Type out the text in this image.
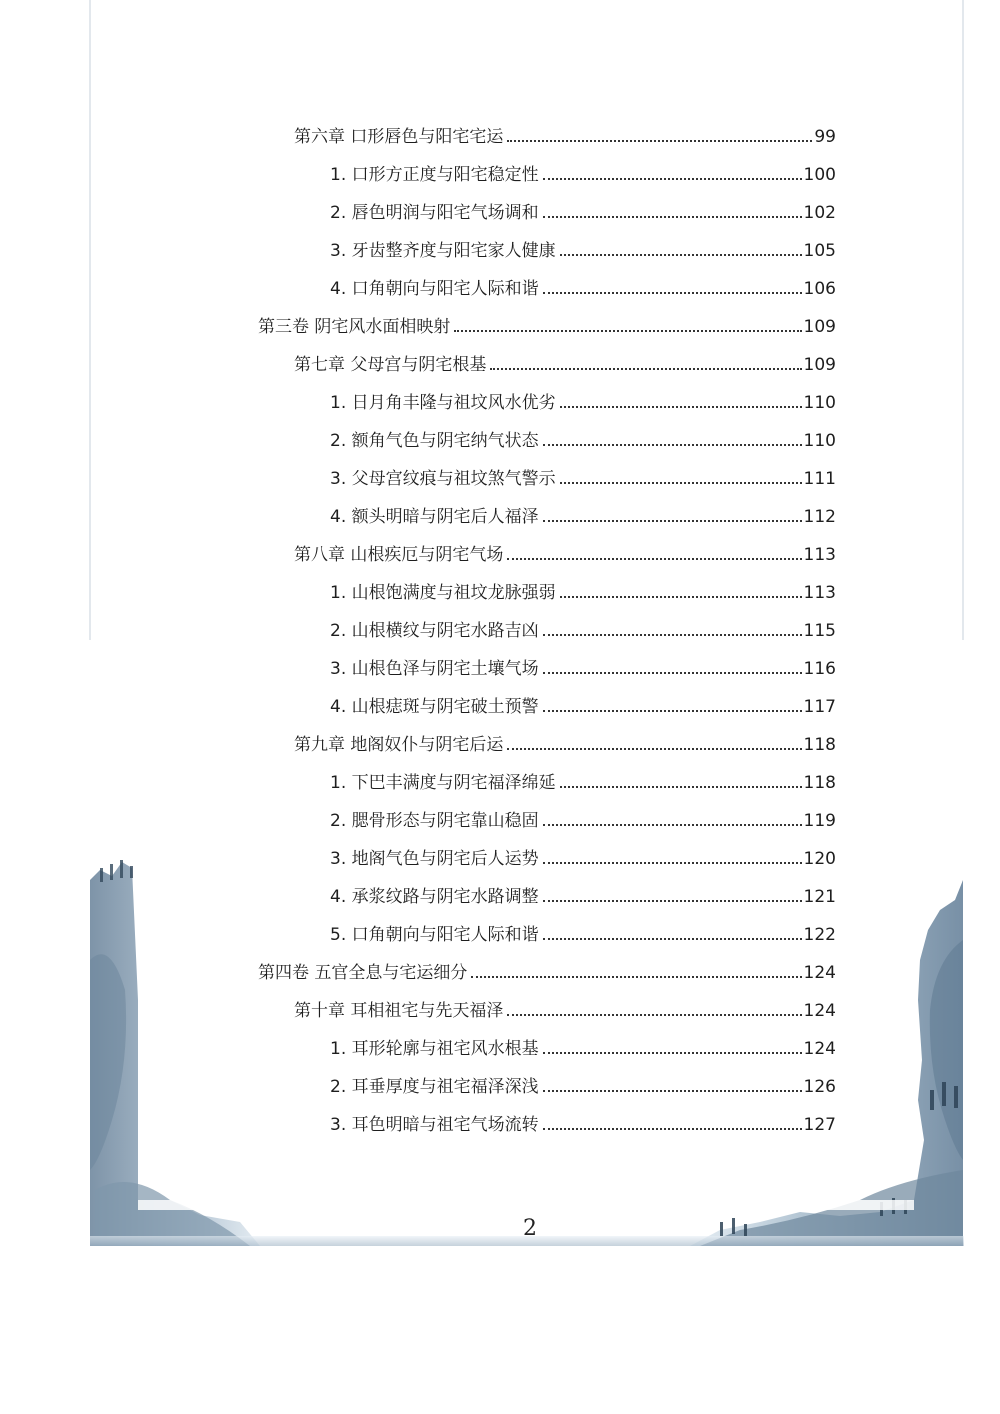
第六章 口形唇色与阳宅宅运	99
1. 口形方正度与阳宅稳定性	100
2. 唇色明润与阳宅气场调和	102
3. 牙齿整齐度与阳宅家人健康	105
4. 口角朝向与阳宅人际和谐	106
第三卷 阴宅风水面相映射	109
第七章 父母宫与阴宅根基	109
1. 日月角丰隆与祖坟风水优劣	110
2. 额角气色与阴宅纳气状态	110
3. 父母宫纹痕与祖坟煞气警示	111
4. 额头明暗与阴宅后人福泽	112
第八章 山根疾厄与阴宅气场	113
1. 山根饱满度与祖坟龙脉强弱	113
2. 山根横纹与阴宅水路吉凶	115
3. 山根色泽与阴宅土壤气场	116
4. 山根痣斑与阴宅破土预警	117
第九章 地阁奴仆与阴宅后运	118
1. 下巴丰满度与阴宅福泽绵延	118
2. 腮骨形态与阴宅靠山稳固	119
3. 地阁气色与阴宅后人运势	120
4. 承浆纹路与阴宅水路调整	121
5. 口角朝向与阳宅人际和谐	122
第四卷 五官全息与宅运细分	124
第十章 耳相祖宅与先天福泽	124
1. 耳形轮廓与祖宅风水根基	124
2. 耳垂厚度与祖宅福泽深浅	126
3. 耳色明暗与祖宅气场流转	127
2
